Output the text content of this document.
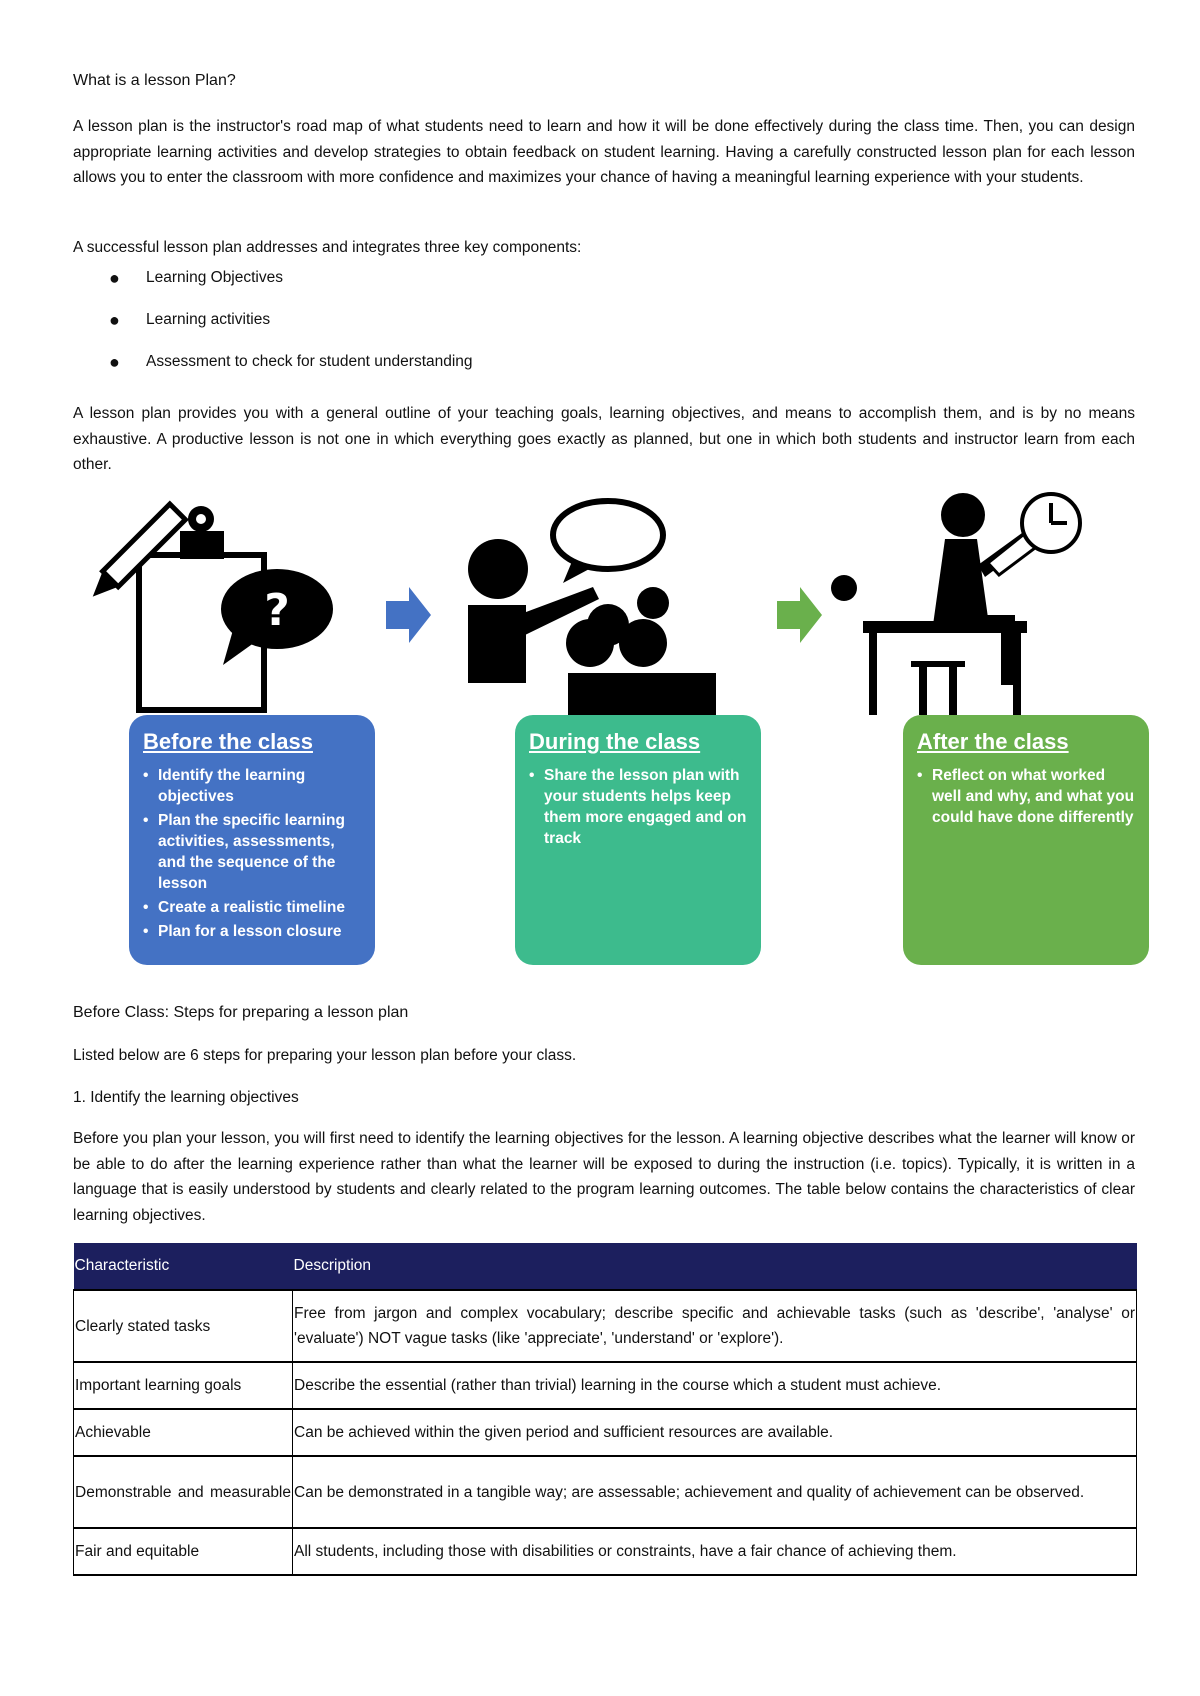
What is a lesson Plan?

A lesson plan is the instructor's road map of what students need to learn and how it will be done effectively during the class time. Then, you can design appropriate learning activities and develop strategies to obtain feedback on student learning. Having a carefully constructed lesson plan for each lesson allows you to enter the classroom with more confidence and maximizes your chance of having a meaningful learning experience with your students.

A successful lesson plan addresses and integrates three key components:

● Learning Objectives
● Learning activities
● Assessment to check for student understanding

A lesson plan provides you with a general outline of your teaching goals, learning objectives, and means to accomplish them, and is by no means exhaustive. A productive lesson is not one in which everything goes exactly as planned, but one in which both students and instructor learn from each other.

?
Before the class
• Identify the learning objectives
• Plan the specific learning activities, assessments, and the sequence of the lesson
• Create a realistic timeline
• Plan for a lesson closure
During the class
• Share the lesson plan with your students helps keep them more engaged and on track
After the class
• Reflect on what worked well and why, and what you could have done differently

Before Class: Steps for preparing a lesson plan

Listed below are 6 steps for preparing your lesson plan before your class.

1. Identify the learning objectives

Before you plan your lesson, you will first need to identify the learning objectives for the lesson. A learning objective describes what the learner will know or be able to do after the learning experience rather than what the learner will be exposed to during the instruction (i.e. topics). Typically, it is written in a language that is easily understood by students and clearly related to the program learning outcomes. The table below contains the characteristics of clear learning objectives.

Characteristic	Description
Clearly stated tasks	Free from jargon and complex vocabulary; describe specific and achievable tasks (such as 'describe', 'analyse' or 'evaluate') NOT vague tasks (like 'appreciate', 'understand' or 'explore').
Important learning goals	Describe the essential (rather than trivial) learning in the course which a student must achieve.
Achievable	Can be achieved within the given period and sufficient resources are available.
Demonstrable and measurable	Can be demonstrated in a tangible way; are assessable; achievement and quality of achievement can be observed.
Fair and equitable	All students, including those with disabilities or constraints, have a fair chance of achieving them.
